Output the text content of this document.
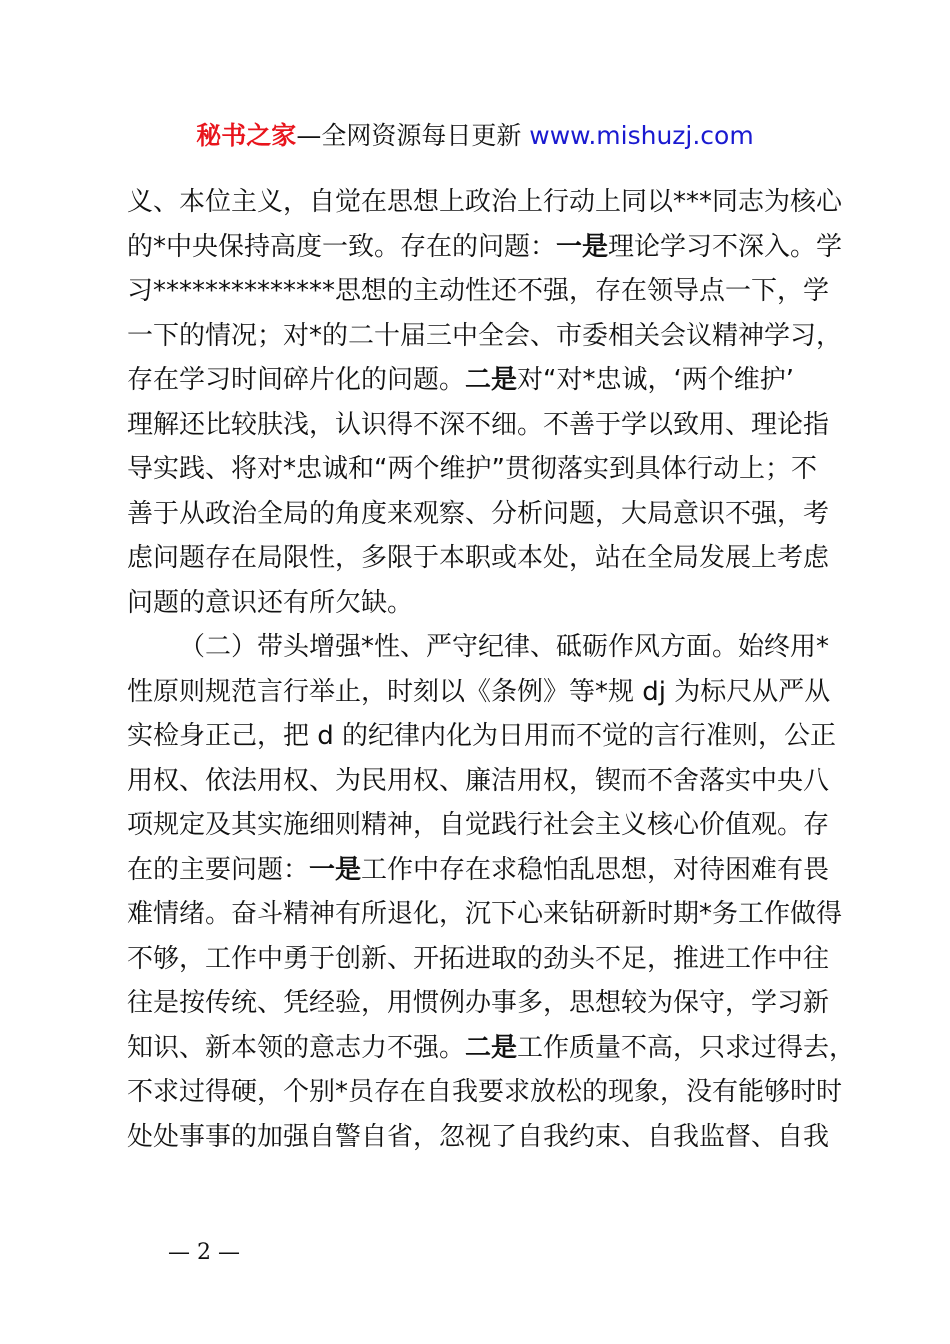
秘书之家—全网资源每日更新 www.mishuzj.com
义、本位主义，自觉在思想上政治上行动上同以***同志为核心
的*中央保持高度一致。存在的问题：一是理论学习不深入。学
习**************思想的主动性还不强，存在领导点一下，学
一下的情况；对*的二十届三中全会、市委相关会议精神学习，
存在学习时间碎片化的问题。二是对“对*忠诚，‘两个维护’
理解还比较肤浅，认识得不深不细。不善于学以致用、理论指
导实践、将对*忠诚和“两个维护”贯彻落实到具体行动上；不
善于从政治全局的角度来观察、分析问题，大局意识不强，考
虑问题存在局限性，多限于本职或本处，站在全局发展上考虑
问题的意识还有所欠缺。
（二）带头增强*性、严守纪律、砥砺作风方面。始终用*
性原则规范言行举止，时刻以《条例》等*规 dj 为标尺从严从
实检身正己，把 d 的纪律内化为日用而不觉的言行准则，公正
用权、依法用权、为民用权、廉洁用权，锲而不舍落实中央八
项规定及其实施细则精神，自觉践行社会主义核心价值观。存
在的主要问题：一是工作中存在求稳怕乱思想，对待困难有畏
难情绪。奋斗精神有所退化，沉下心来钻研新时期*务工作做得
不够，工作中勇于创新、开拓进取的劲头不足，推进工作中往
往是按传统、凭经验，用惯例办事多，思想较为保守，学习新
知识、新本领的意志力不强。二是工作质量不高，只求过得去，
不求过得硬，个别*员存在自我要求放松的现象，没有能够时时
处处事事的加强自警自省，忽视了自我约束、自我监督、自我
— 2 —
